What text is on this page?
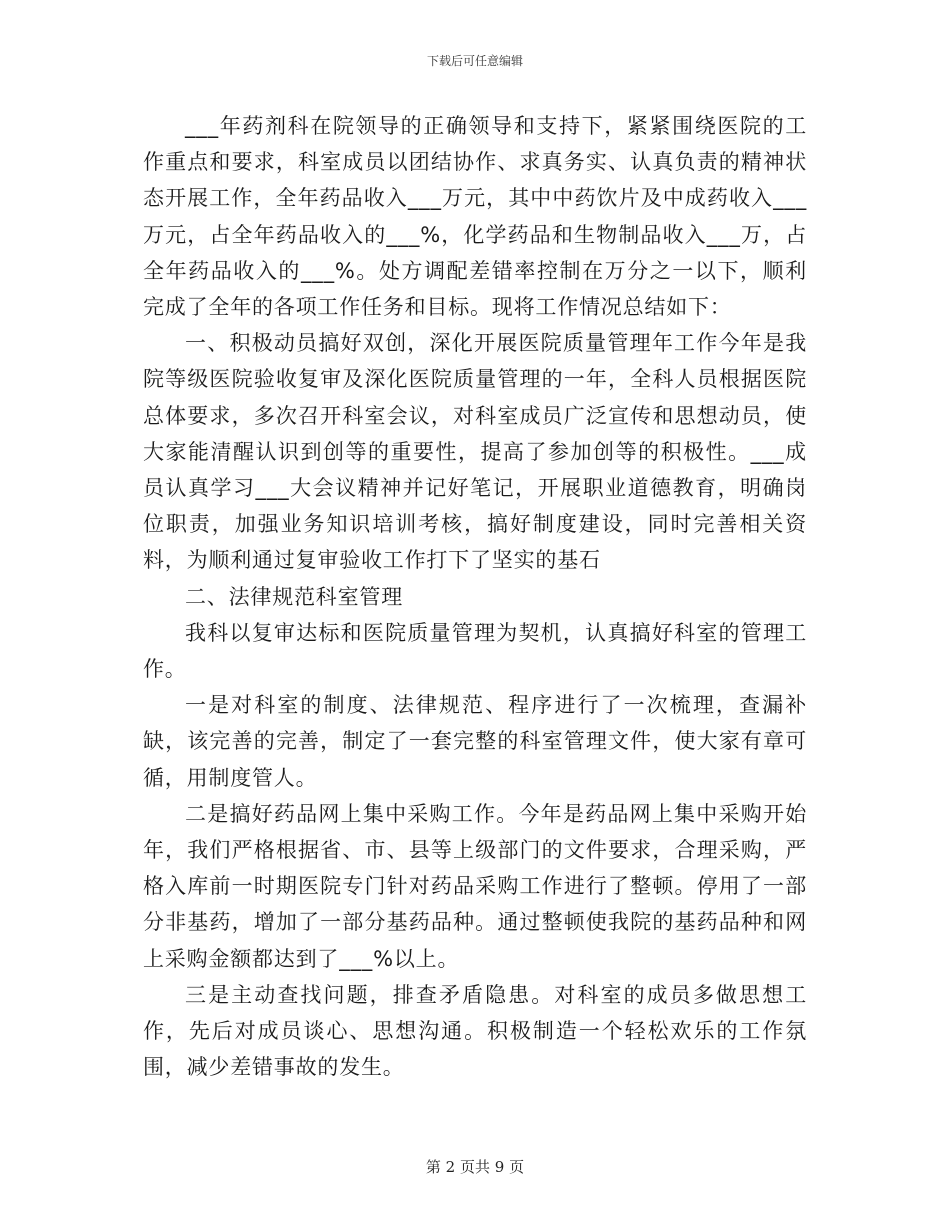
下载后可任意编辑

___年药剂科在院领导的正确领导和支持下，紧紧围绕医院的工作重点和要求，科室成员以团结协作、求真务实、认真负责的精神状态开展工作，全年药品收入___万元，其中中药饮片及中成药收入___万元，占全年药品收入的___%，化学药品和生物制品收入___万，占全年药品收入的___%。处方调配差错率控制在万分之一以下，顺利完成了全年的各项工作任务和目标。现将工作情况总结如下：

一、积极动员搞好双创，深化开展医院质量管理年工作今年是我院等级医院验收复审及深化医院质量管理的一年，全科人员根据医院总体要求，多次召开科室会议，对科室成员广泛宣传和思想动员，使大家能清醒认识到创等的重要性，提高了参加创等的积极性。___成员认真学习___大会议精神并记好笔记，开展职业道德教育，明确岗位职责，加强业务知识培训考核，搞好制度建设，同时完善相关资料，为顺利通过复审验收工作打下了坚实的基石

二、法律规范科室管理

我科以复审达标和医院质量管理为契机，认真搞好科室的管理工作。

一是对科室的制度、法律规范、程序进行了一次梳理，查漏补缺，该完善的完善，制定了一套完整的科室管理文件，使大家有章可循，用制度管人。

二是搞好药品网上集中采购工作。今年是药品网上集中采购开始年，我们严格根据省、市、县等上级部门的文件要求，合理采购，严格入库前一时期医院专门针对药品采购工作进行了整顿。停用了一部分非基药，增加了一部分基药品种。通过整顿使我院的基药品种和网上采购金额都达到了___%以上。

三是主动查找问题，排查矛盾隐患。对科室的成员多做思想工作，先后对成员谈心、思想沟通。积极制造一个轻松欢乐的工作氛围，减少差错事故的发生。

第 2 页共 9 页
